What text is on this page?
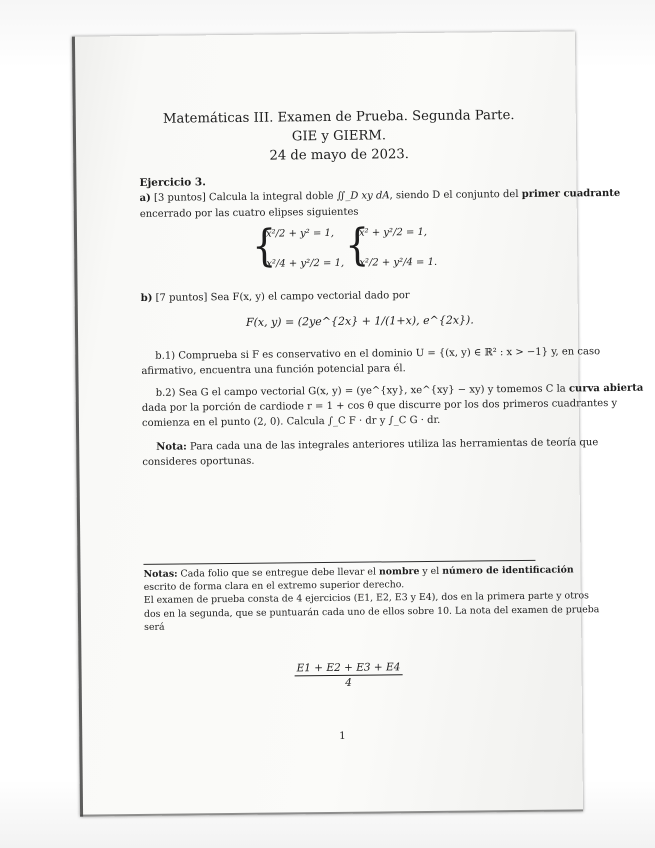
Matemáticas III. Examen de Prueba. Segunda Parte.
GIE y GIERM.
24 de mayo de 2023.
Ejercicio 3.
a) [3 puntos] Calcula la integral doble ∬_D xy dA, siendo D el conjunto del primer cuadrante
encerrado por las cuatro elipses siguientes
{
x²/2 + y² = 1,
x²/4 + y²/2 = 1, {
x² + y²/2 = 1,
x²/2 + y²/4 = 1.
b) [7 puntos] Sea F(x, y) el campo vectorial dado por
F(x, y) = (2ye^{2x} + 1/(1+x), e^{2x}).
b.1) Comprueba si F es conservativo en el dominio U = {(x, y) ∈ ℝ² : x > −1} y, en caso
afirmativo, encuentra una función potencial para él.
b.2) Sea G el campo vectorial G(x, y) = (ye^{xy}, xe^{xy} − xy) y tomemos C la curva abierta
dada por la porción de cardiode r = 1 + cos θ que discurre por los dos primeros cuadrantes y
comienza en el punto (2, 0). Calcula ∫_C F · dr y ∫_C G · dr.
Nota: Para cada una de las integrales anteriores utiliza las herramientas de teoría que
consideres oportunas.
Notas: Cada folio que se entregue debe llevar el nombre y el número de identificación
escrito de forma clara en el extremo superior derecho.
El examen de prueba consta de 4 ejercicios (E1, E2, E3 y E4), dos en la primera parte y otros
dos en la segunda, que se puntuarán cada uno de ellos sobre 10. La nota del examen de prueba
será
$\frac{E1 + E2 + E3 + E4}{4}$
1
